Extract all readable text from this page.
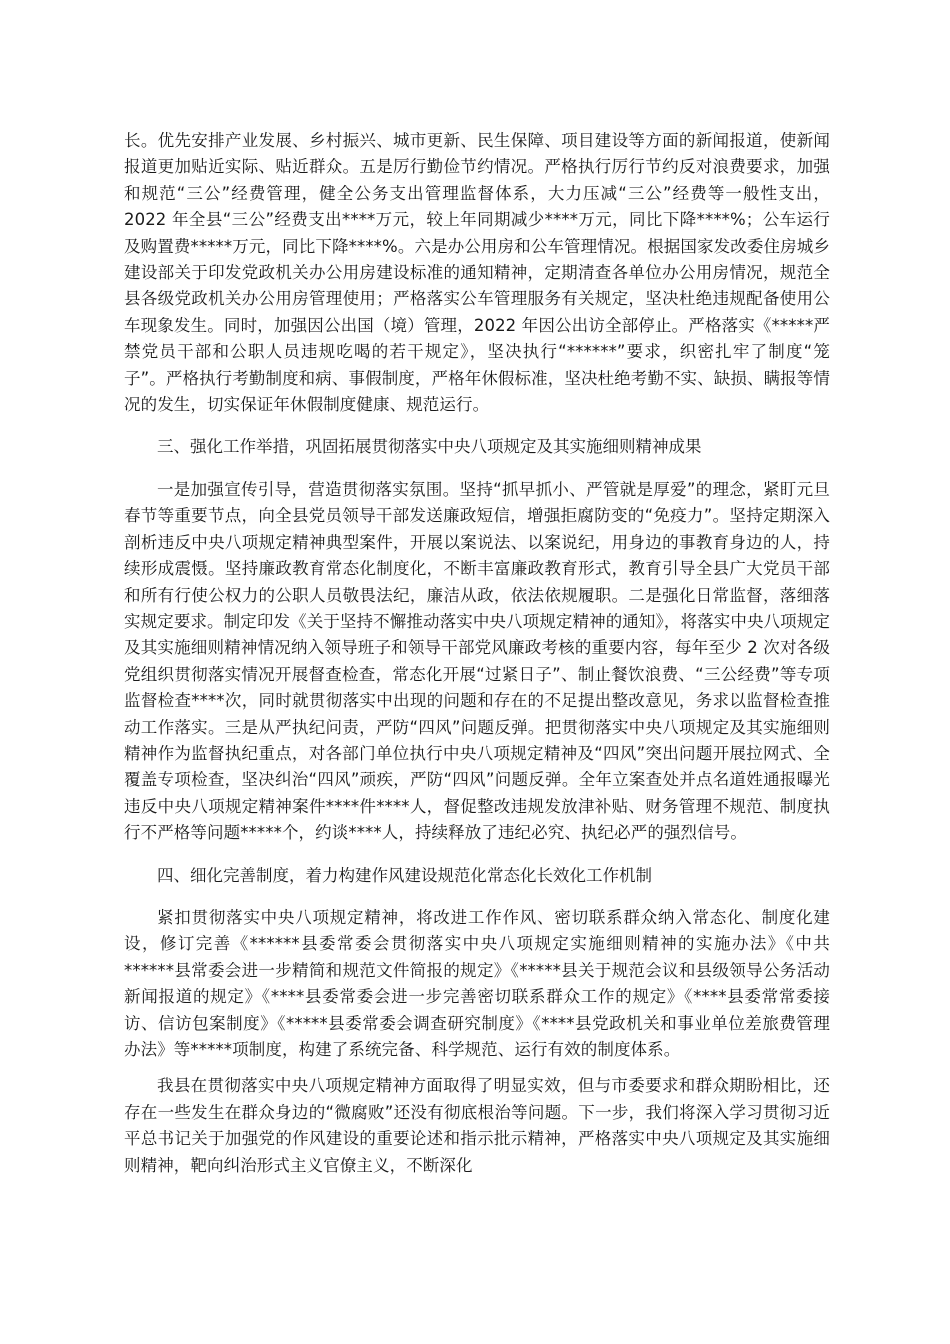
长。优先安排产业发展、乡村振兴、城市更新、民生保障、项目建设等方面的新闻报道，使新闻报道更加贴近实际、贴近群众。五是厉行勤俭节约情况。严格执行厉行节约反对浪费要求，加强和规范“三公”经费管理，健全公务支出管理监督体系，大力压减“三公”经费等一般性支出，2022 年全县“三公”经费支出****万元，较上年同期减少****万元，同比下降****%；公车运行及购置费*****万元，同比下降****%。六是办公用房和公车管理情况。根据国家发改委住房城乡建设部关于印发党政机关办公用房建设标准的通知精神，定期清查各单位办公用房情况，规范全县各级党政机关办公用房管理使用；严格落实公车管理服务有关规定，坚决杜绝违规配备使用公车现象发生。同时，加强因公出国（境）管理，2022 年因公出访全部停止。严格落实《*****严禁党员干部和公职人员违规吃喝的若干规定》，坚决执行“******”要求，织密扎牢了制度“笼子”。严格执行考勤制度和病、事假制度，严格年休假标准，坚决杜绝考勤不实、缺损、瞒报等情况的发生，切实保证年休假制度健康、规范运行。

三、强化工作举措，巩固拓展贯彻落实中央八项规定及其实施细则精神成果

一是加强宣传引导，营造贯彻落实氛围。坚持“抓早抓小、严管就是厚爱”的理念，紧盯元旦春节等重要节点，向全县党员领导干部发送廉政短信，增强拒腐防变的“免疫力”。坚持定期深入剖析违反中央八项规定精神典型案件，开展以案说法、以案说纪，用身边的事教育身边的人，持续形成震慑。坚持廉政教育常态化制度化，不断丰富廉政教育形式，教育引导全县广大党员干部和所有行使公权力的公职人员敬畏法纪，廉洁从政，依法依规履职。二是强化日常监督，落细落实规定要求。制定印发《关于坚持不懈推动落实中央八项规定精神的通知》，将落实中央八项规定及其实施细则精神情况纳入领导班子和领导干部党风廉政考核的重要内容，每年至少 2 次对各级党组织贯彻落实情况开展督查检查，常态化开展“过紧日子”、制止餐饮浪费、“三公经费”等专项监督检查****次，同时就贯彻落实中出现的问题和存在的不足提出整改意见，务求以监督检查推动工作落实。三是从严执纪问责，严防“四风”问题反弹。把贯彻落实中央八项规定及其实施细则精神作为监督执纪重点，对各部门单位执行中央八项规定精神及“四风”突出问题开展拉网式、全覆盖专项检查，坚决纠治“四风”顽疾，严防“四风”问题反弹。全年立案查处并点名道姓通报曝光违反中央八项规定精神案件****件****人，督促整改违规发放津补贴、财务管理不规范、制度执行不严格等问题*****个，约谈****人，持续释放了违纪必究、执纪必严的强烈信号。

四、细化完善制度，着力构建作风建设规范化常态化长效化工作机制

紧扣贯彻落实中央八项规定精神，将改进工作作风、密切联系群众纳入常态化、制度化建设，修订完善《******县委常委会贯彻落实中央八项规定实施细则精神的实施办法》《中共******县常委会进一步精简和规范文件简报的规定》《*****县关于规范会议和县级领导公务活动新闻报道的规定》《****县委常委会进一步完善密切联系群众工作的规定》《****县委常常委接访、信访包案制度》《*****县委常委会调查研究制度》《****县党政机关和事业单位差旅费管理办法》等*****项制度，构建了系统完备、科学规范、运行有效的制度体系。

我县在贯彻落实中央八项规定精神方面取得了明显实效，但与市委要求和群众期盼相比，还存在一些发生在群众身边的“微腐败”还没有彻底根治等问题。下一步，我们将深入学习贯彻习近平总书记关于加强党的作风建设的重要论述和指示批示精神，严格落实中央八项规定及其实施细则精神，靶向纠治形式主义官僚主义，不断深化
